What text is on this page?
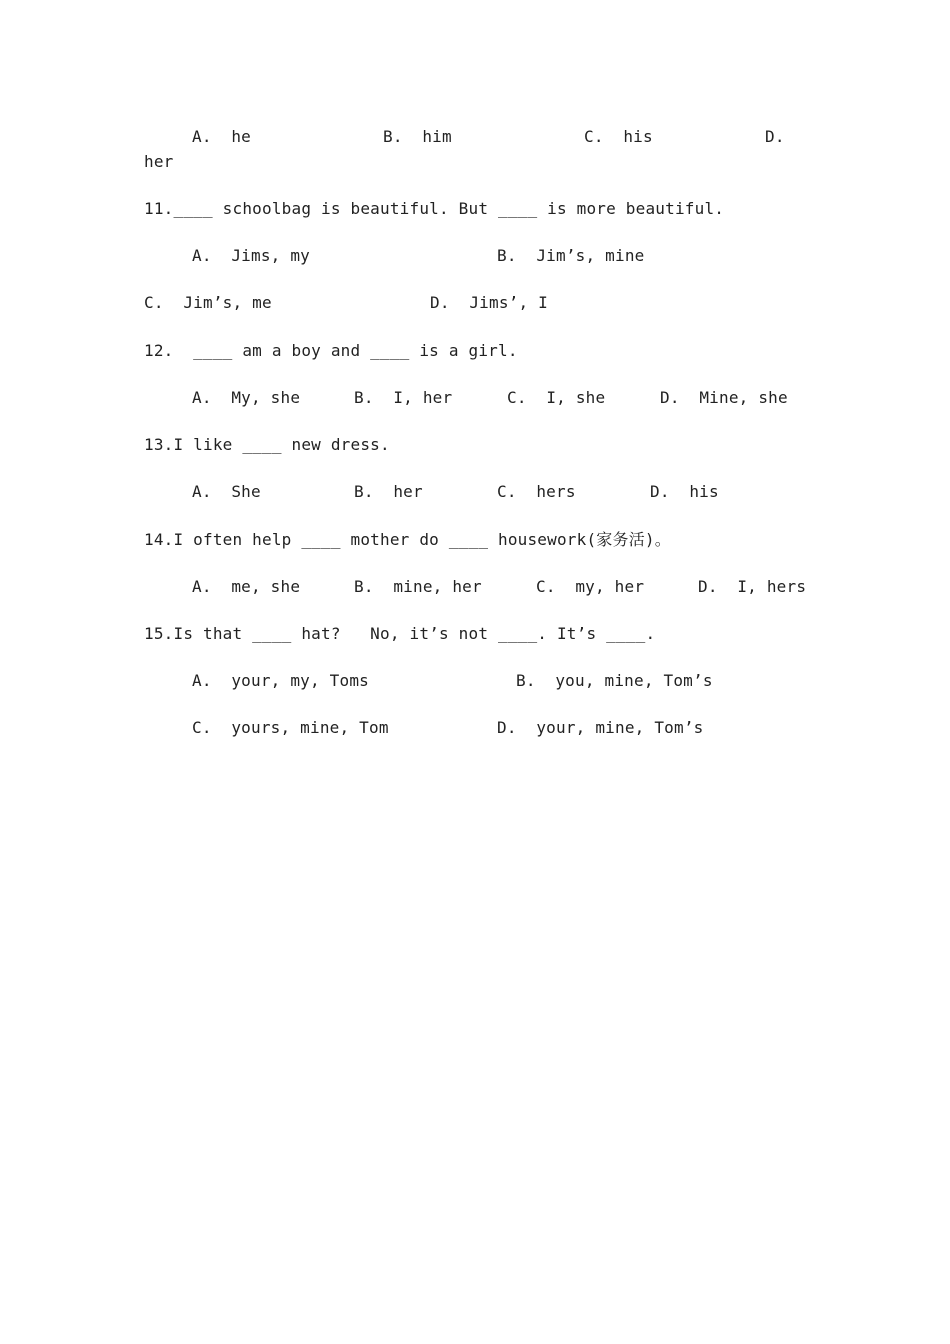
A.  he	B.  him	C.  his	D.
her
11.____ schoolbag is beautiful. But ____ is more beautiful.
A.  Jims, my	B.  Jim’s, mine
C.  Jim’s, me	D.  Jims’, I
12.  ____ am a boy and ____ is a girl.
A.  My, she	B.  I, her	C.  I, she	D.  Mine, she
13.I like ____ new dress.
A.  She	B.  her	C.  hers	D.  his
14.I often help ____ mother do ____ housework(家务活)。
A.  me, she	B.  mine, her	C.  my, her	D.  I, hers
15.Is that ____ hat?   No, it’s not ____. It’s ____.
A.  your, my, Toms	B.  you, mine, Tom’s
C.  yours, mine, Tom	D.  your, mine, Tom’s
